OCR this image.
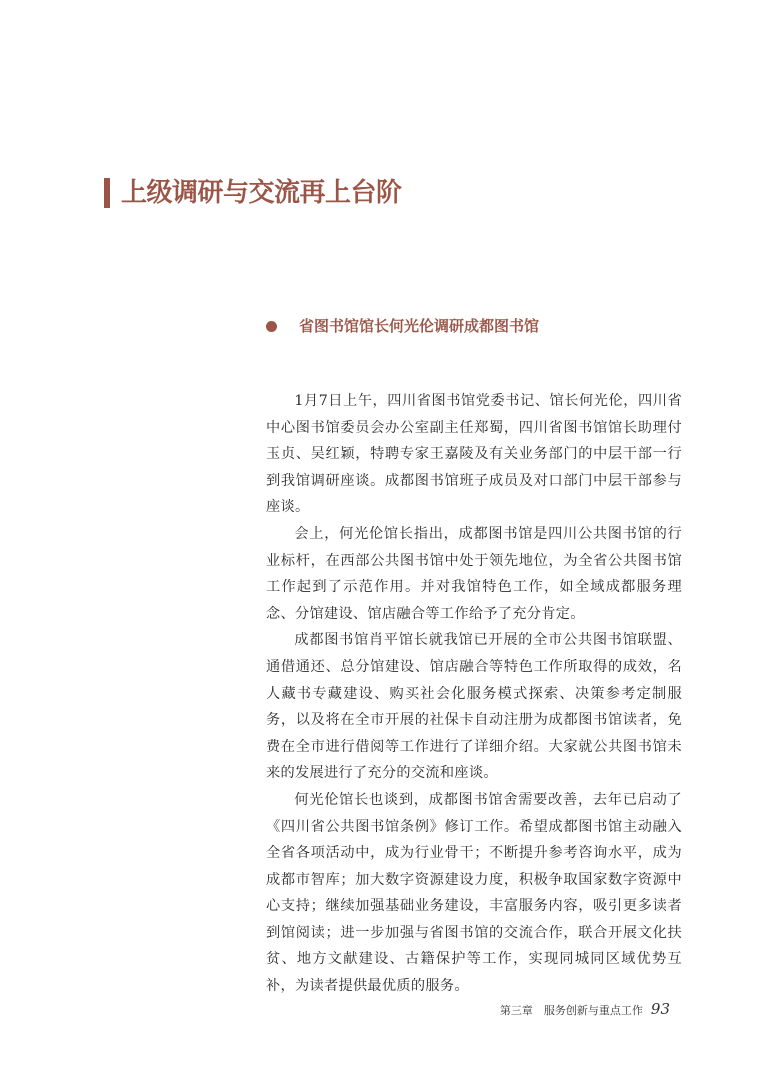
上级调研与交流再上台阶
省图书馆馆长何光伦调研成都图书馆

1月7日上午，四川省图书馆党委书记、馆长何光伦，四川省中心图书馆委员会办公室副主任郑蜀，四川省图书馆馆长助理付玉贞、吴红颖，特聘专家王嘉陵及有关业务部门的中层干部一行到我馆调研座谈。成都图书馆班子成员及对口部门中层干部参与座谈。

会上，何光伦馆长指出，成都图书馆是四川公共图书馆的行业标杆，在西部公共图书馆中处于领先地位，为全省公共图书馆工作起到了示范作用。并对我馆特色工作，如全域成都服务理念、分馆建设、馆店融合等工作给予了充分肯定。

成都图书馆肖平馆长就我馆已开展的全市公共图书馆联盟、通借通还、总分馆建设、馆店融合等特色工作所取得的成效，名人藏书专藏建设、购买社会化服务模式探索、决策参考定制服务，以及将在全市开展的社保卡自动注册为成都图书馆读者，免费在全市进行借阅等工作进行了详细介绍。大家就公共图书馆未来的发展进行了充分的交流和座谈。

何光伦馆长也谈到，成都图书馆舍需要改善，去年已启动了《四川省公共图书馆条例》修订工作。希望成都图书馆主动融入全省各项活动中，成为行业骨干；不断提升参考咨询水平，成为成都市智库；加大数字资源建设力度，积极争取国家数字资源中心支持；继续加强基础业务建设，丰富服务内容，吸引更多读者到馆阅读；进一步加强与省图书馆的交流合作，联合开展文化扶贫、地方文献建设、古籍保护等工作，实现同城同区域优势互补，为读者提供最优质的服务。

第三章　服务创新与重点工作 93
